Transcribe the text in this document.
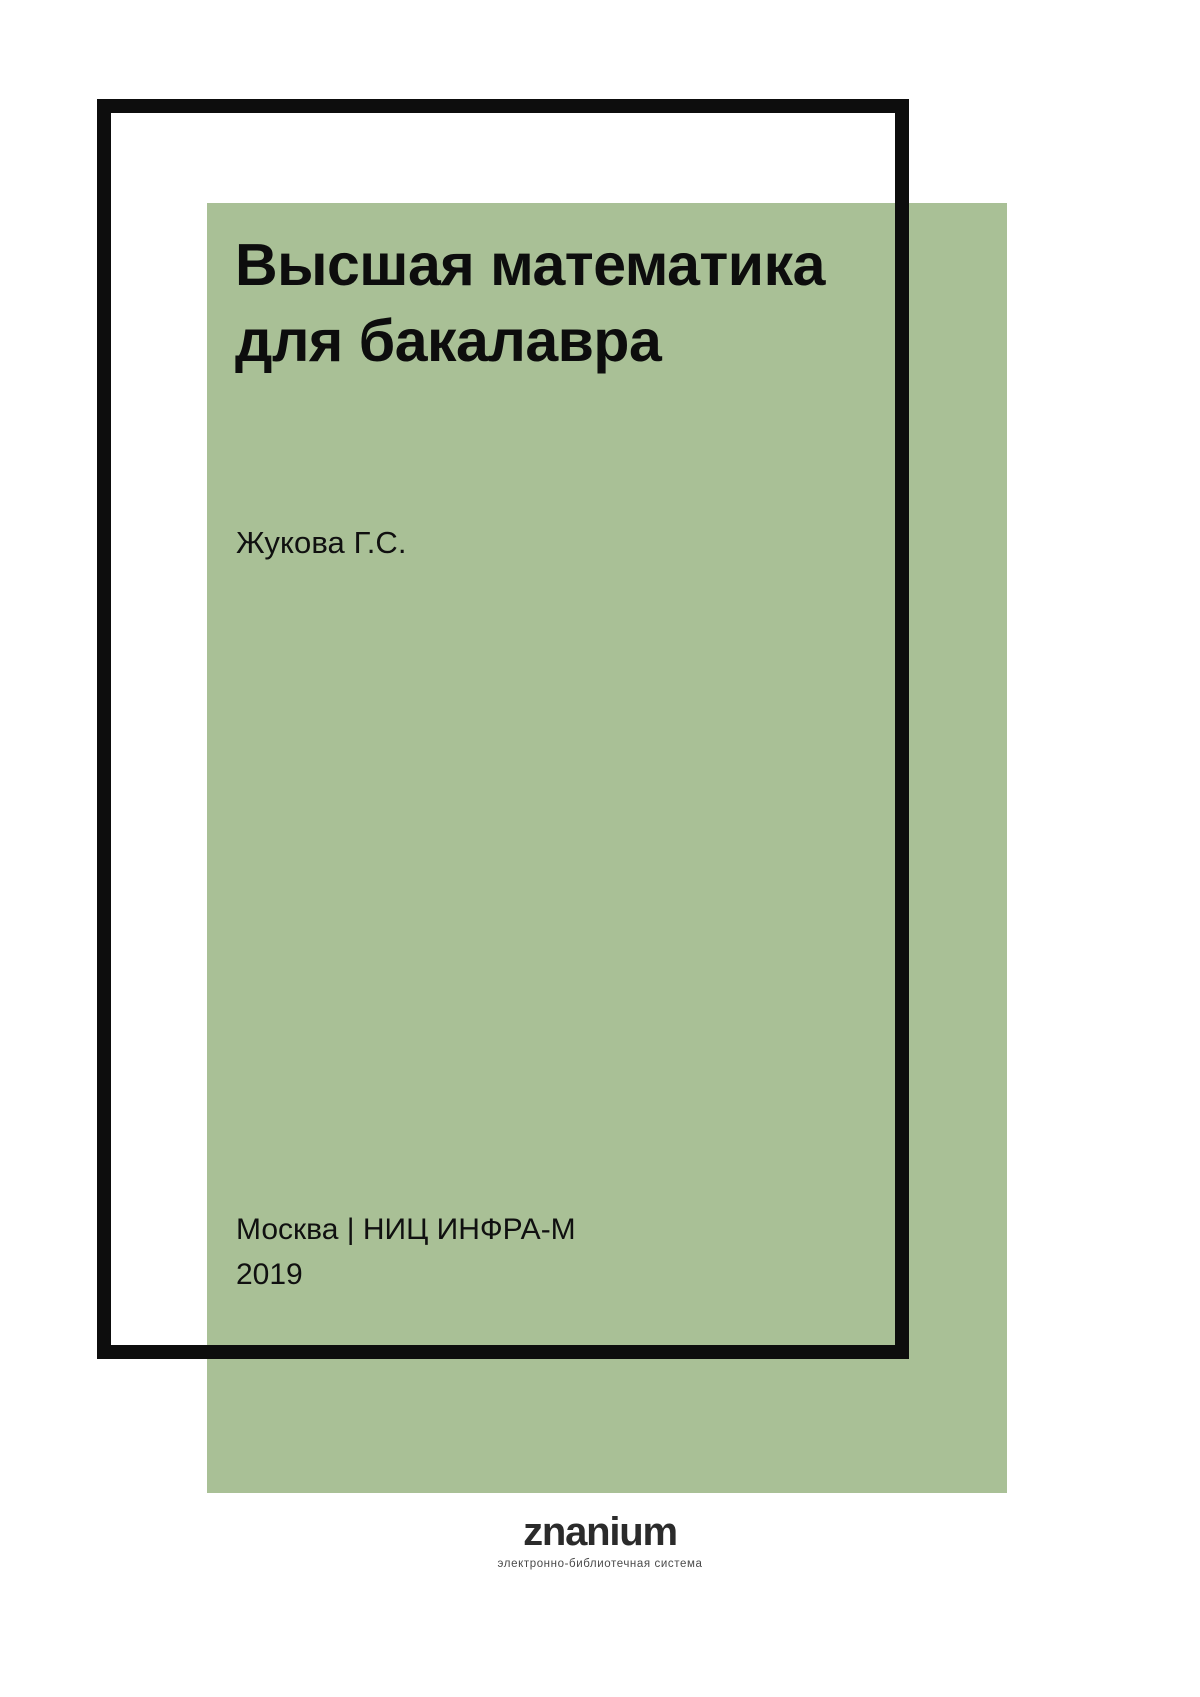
Высшая математика для бакалавра
Жукова Г.С.
Москва | НИЦ ИНФРА-М
2019
znanium
электронно-библиотечная система
